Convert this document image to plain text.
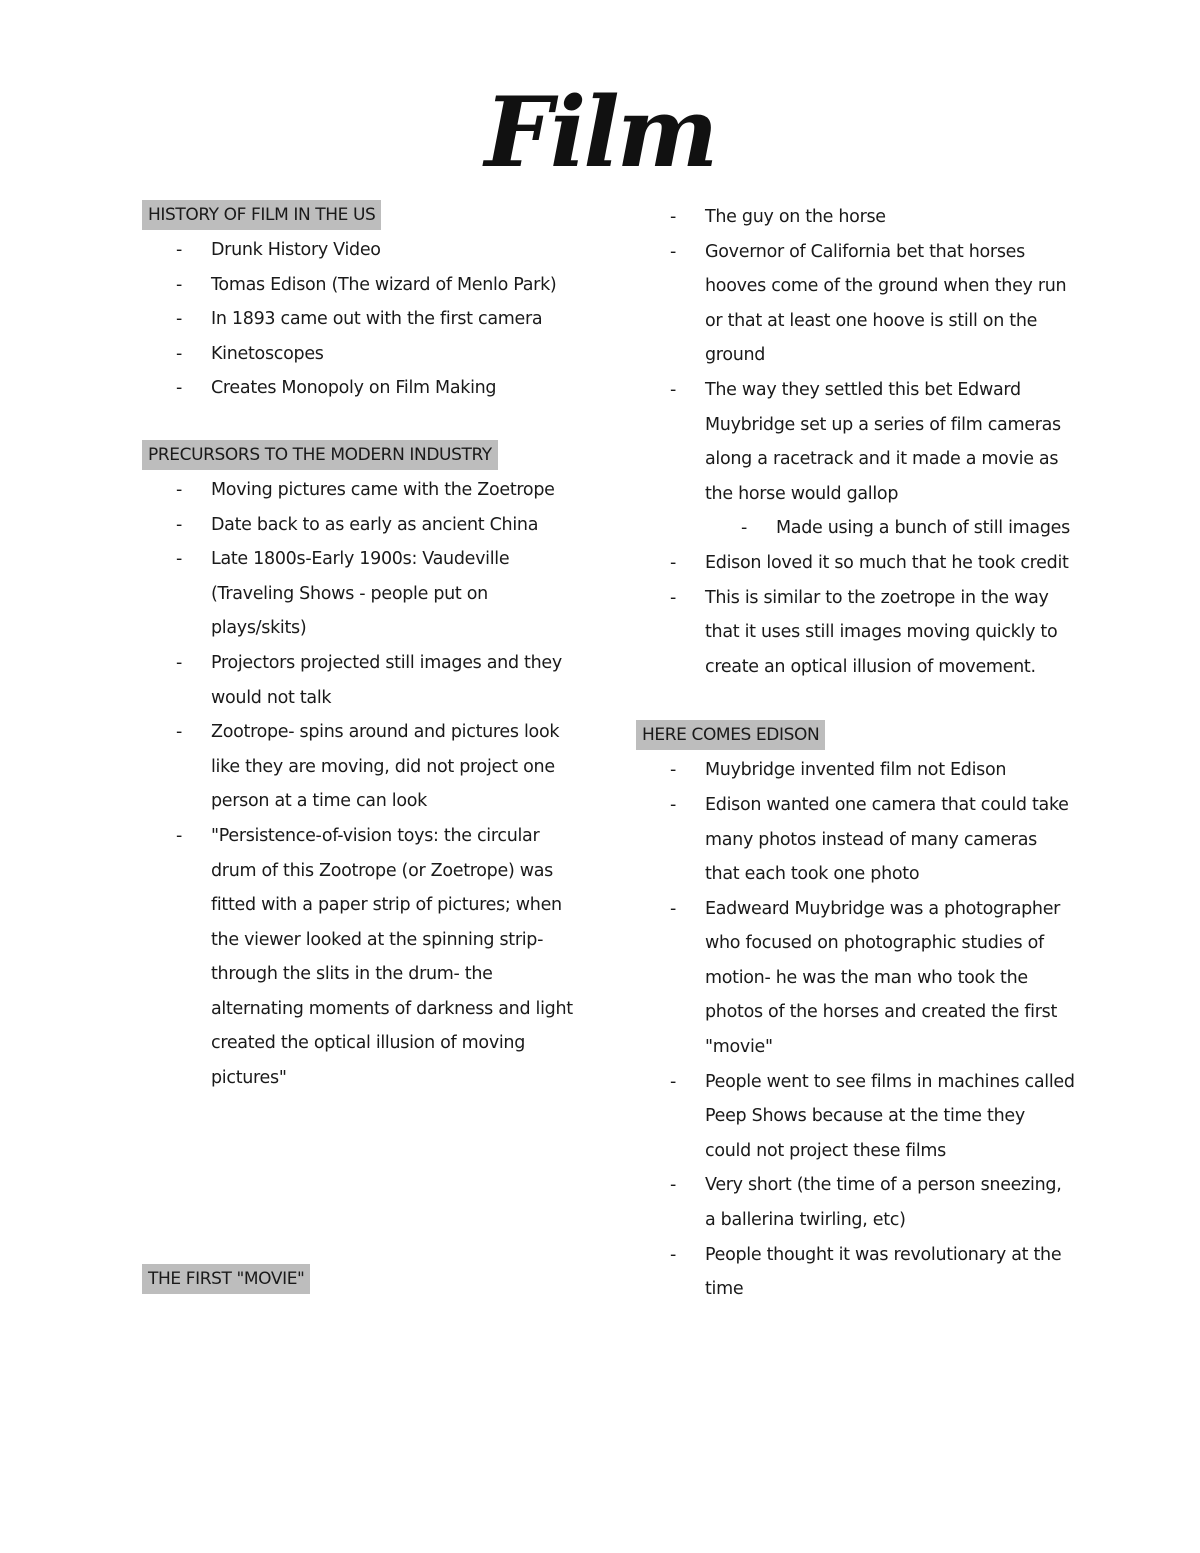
Film
HISTORY OF FILM IN THE US
- Drunk History Video
- Tomas Edison (The wizard of Menlo Park)
- In 1893 came out with the first camera
- Kinetoscopes
- Creates Monopoly on Film Making
PRECURSORS TO THE MODERN INDUSTRY
- Moving pictures came with the Zoetrope
- Date back to as early as ancient China
- Late 1800s-Early 1900s: Vaudeville (Traveling Shows - people put on plays/skits)
- Projectors projected still images and they would not talk
- Zootrope- spins around and pictures look like they are moving, did not project one person at a time can look
- "Persistence-of-vision toys: the circular drum of this Zootrope (or Zoetrope) was fitted with a paper strip of pictures; when the viewer looked at the spinning strip- through the slits in the drum- the alternating moments of darkness and light created the optical illusion of moving pictures"
THE FIRST "MOVIE"
- The guy on the horse
- Governor of California bet that horses hooves come of the ground when they run or that at least one hoove is still on the ground
- The way they settled this bet Edward Muybridge set up a series of film cameras along a racetrack and it made a movie as the horse would gallop
- Made using a bunch of still images
- Edison loved it so much that he took credit
- This is similar to the zoetrope in the way that it uses still images moving quickly to create an optical illusion of movement.
HERE COMES EDISON
- Muybridge invented film not Edison
- Edison wanted one camera that could take many photos instead of many cameras that each took one photo
- Eadweard Muybridge was a photographer who focused on photographic studies of motion- he was the man who took the photos of the horses and created the first "movie"
- People went to see films in machines called Peep Shows because at the time they could not project these films
- Very short (the time of a person sneezing, a ballerina twirling, etc)
- People thought it was revolutionary at the time
